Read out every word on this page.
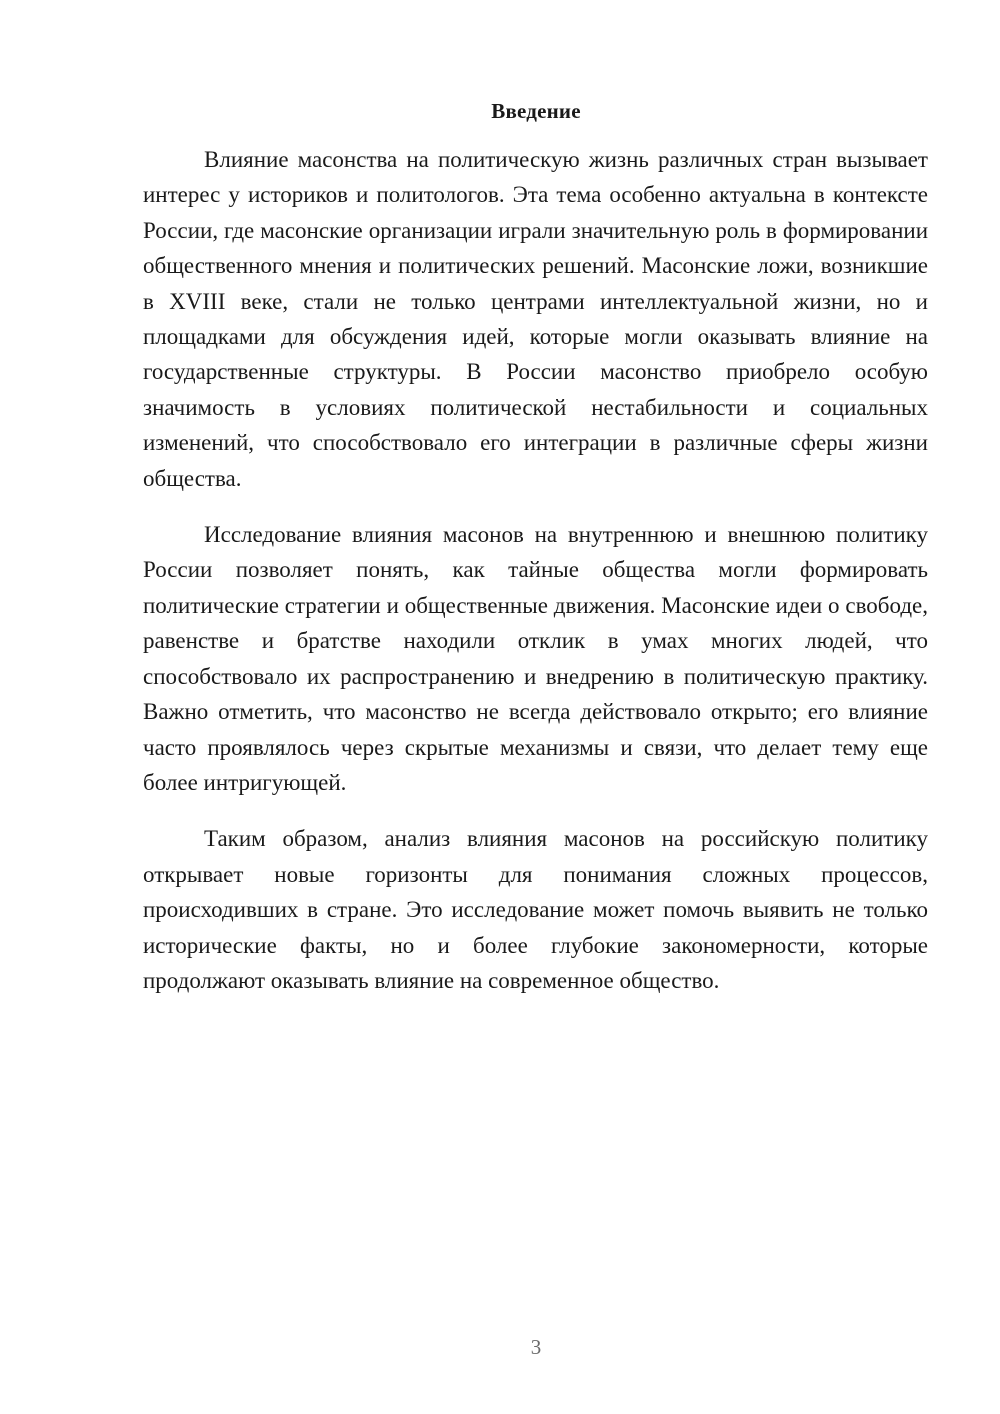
Введение

Влияние масонства на политическую жизнь различных стран вызывает интерес у историков и политологов. Эта тема особенно актуальна в контексте России, где масонские организации играли значительную роль в формировании общественного мнения и политических решений. Масонские ложи, возникшие в XVIII веке, стали не только центрами интеллектуальной жизни, но и площадками для обсуждения идей, которые могли оказывать влияние на государственные структуры. В России масонство приобрело особую значимость в условиях политической нестабильности и социальных изменений, что способствовало его интеграции в различные сферы жизни общества.

Исследование влияния масонов на внутреннюю и внешнюю политику России позволяет понять, как тайные общества могли формировать политические стратегии и общественные движения. Масонские идеи о свободе, равенстве и братстве находили отклик в умах многих людей, что способствовало их распространению и внедрению в политическую практику. Важно отметить, что масонство не всегда действовало открыто; его влияние часто проявлялось через скрытые механизмы и связи, что делает тему еще более интригующей.

Таким образом, анализ влияния масонов на российскую политику открывает новые горизонты для понимания сложных процессов, происходивших в стране. Это исследование может помочь выявить не только исторические факты, но и более глубокие закономерности, которые продолжают оказывать влияние на современное общество.

3
